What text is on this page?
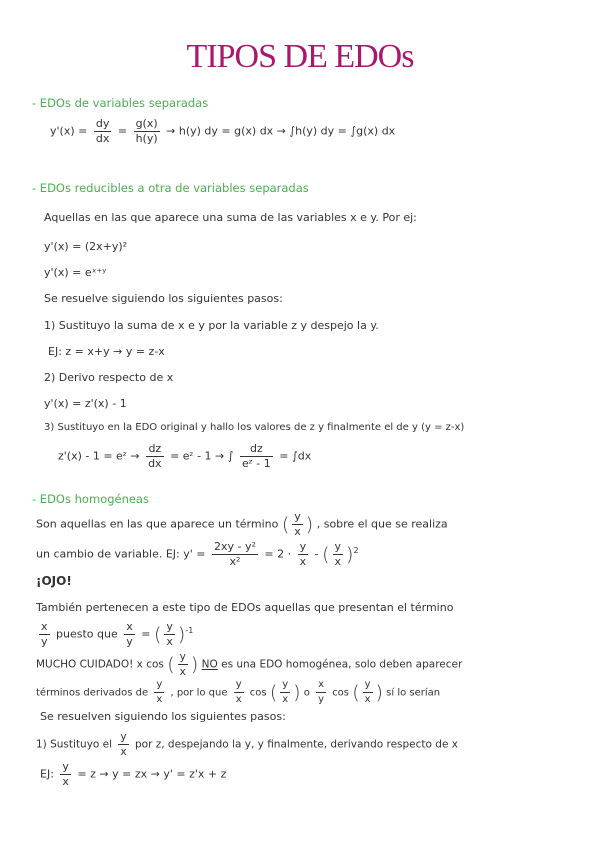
TIPOS DE EDOs
- EDOs de variables separadas
$y'(x) = \frac{dy}{dx} = \frac{g(x)}{h(y)} \to h(y)$ dy = g(x) dx → ∫h(y) dy = ∫g(x) dx
- EDOs reducibles a otra de variables separadas
Aquellas en las que aparece una suma de las variables x e y. Por ej:
y'(x) = (2x+y)²
y'(x) = eˣ⁺ʸ
Se resuelve siguiendo los siguientes pasos:
1) Sustituyo la suma de x e y por la variable z y despejo la y.
EJ: z = x+y → y = z-x
2) Derivo respecto de x
y'(x) = z'(x) - 1
3) Sustituyo en la EDO original y hallo los valores de z y finalmente el de y (y = z-x)
z'(x) - 1 = eᶻ → $\frac{dz}{dx}$ = eᶻ - 1 → ∫ $\frac{dz}{\text{eᶻ - 1}} = \int dx$
- EDOs homogéneas
Son aquellas en las que aparece un término ( $\frac{y}{x}$ ) , sobre el que se realiza
un cambio de variable. EJ: $y' = \frac{\text{2xy - y²}}{\text{x²}} = 2 \cdot \frac{y}{x}$ - ( $\frac{y}{x} )^2$
¡OJO!
También pertenecen a este tipo de EDOs aquellas que presentan el término
$\frac{x}{y}$ puesto que $\frac{x}{y}$ = ( $\frac{y}{x} )^{-1}$
MUCHO CUIDADO! x cos ( $\frac{y}{x}$ ) NO es una EDO homogénea, solo deben aparecer
términos derivados de $\frac{y}{x}$ , por lo que $\frac{y}{x}$ cos ( $\frac{y}{x}$ ) o $\frac{x}{y}$ cos ( $\frac{y}{x}$ ) sí lo serían
Se resuelven siguiendo los siguientes pasos:
1) Sustituyo el $\frac{y}{x}$ por z, despejando la y, y finalmente, derivando respecto de x
EJ: $\frac{y}{x} = z \to y$ = zx → y' = z'x + z
